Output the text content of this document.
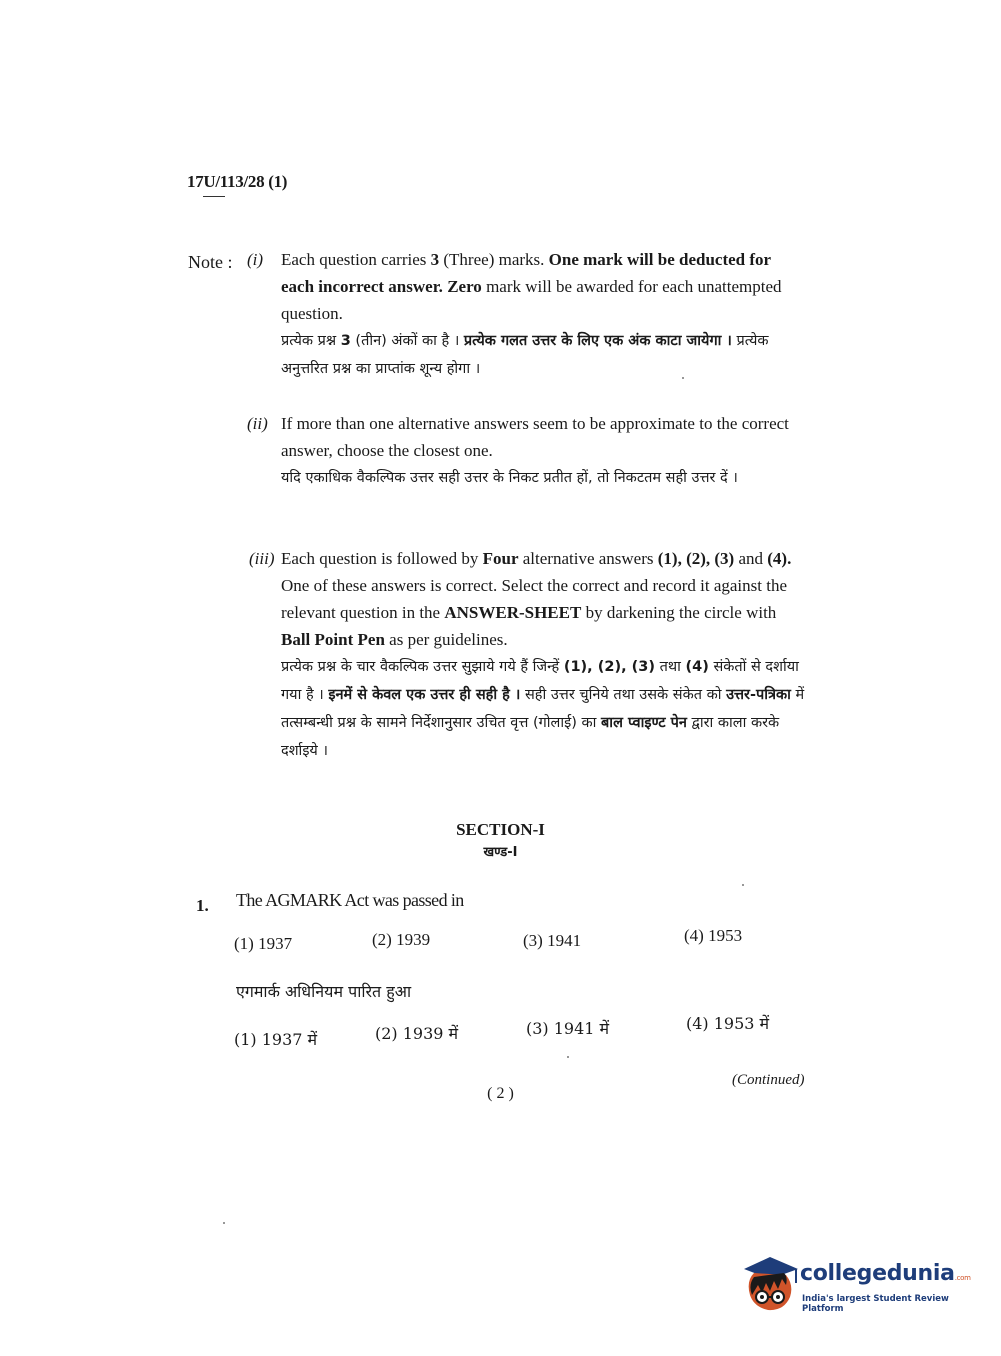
17U/113/28 (1)
Note : (i) Each question carries 3 (Three) marks. One mark will be deducted for each incorrect answer. Zero mark will be awarded for each unattempted question.
प्रत्येक प्रश्न 3 (तीन) अंकों का है । प्रत्येक गलत उत्तर के लिए एक अंक काटा जायेगा । प्रत्येक अनुत्तरित प्रश्न का प्राप्तांक शून्य होगा ।
(ii) If more than one alternative answers seem to be approximate to the correct answer, choose the closest one.
यदि एकाधिक वैकल्पिक उत्तर सही उत्तर के निकट प्रतीत हों, तो निकटतम सही उत्तर दें ।
(iii) Each question is followed by Four alternative answers (1), (2), (3) and (4). One of these answers is correct. Select the correct and record it against the relevant question in the ANSWER-SHEET by darkening the circle with Ball Point Pen as per guidelines.
प्रत्येक प्रश्न के चार वैकल्पिक उत्तर सुझाये गये हैं जिन्हें (1), (2), (3) तथा (4) संकेतों से दर्शाया गया है । इनमें से केवल एक उत्तर ही सही है । सही उत्तर चुनिये तथा उसके संकेत को उत्तर-पत्रिका में तत्सम्बन्धी प्रश्न के सामने निर्देशानुसार उचित वृत्त (गोलाई) का बाल प्वाइण्ट पेन द्वारा काला करके दर्शाइये ।
SECTION-I
खण्ड-I
1. The AGMARK Act was passed in
(1) 1937	(2) 1939	(3) 1941	(4) 1953
एगमार्क अधिनियम पारित हुआ
(1) 1937 में	(2) 1939 में	(3) 1941 में	(4) 1953 में
( 2 )
(Continued)
collegedunia.com
India's largest Student Review Platform
